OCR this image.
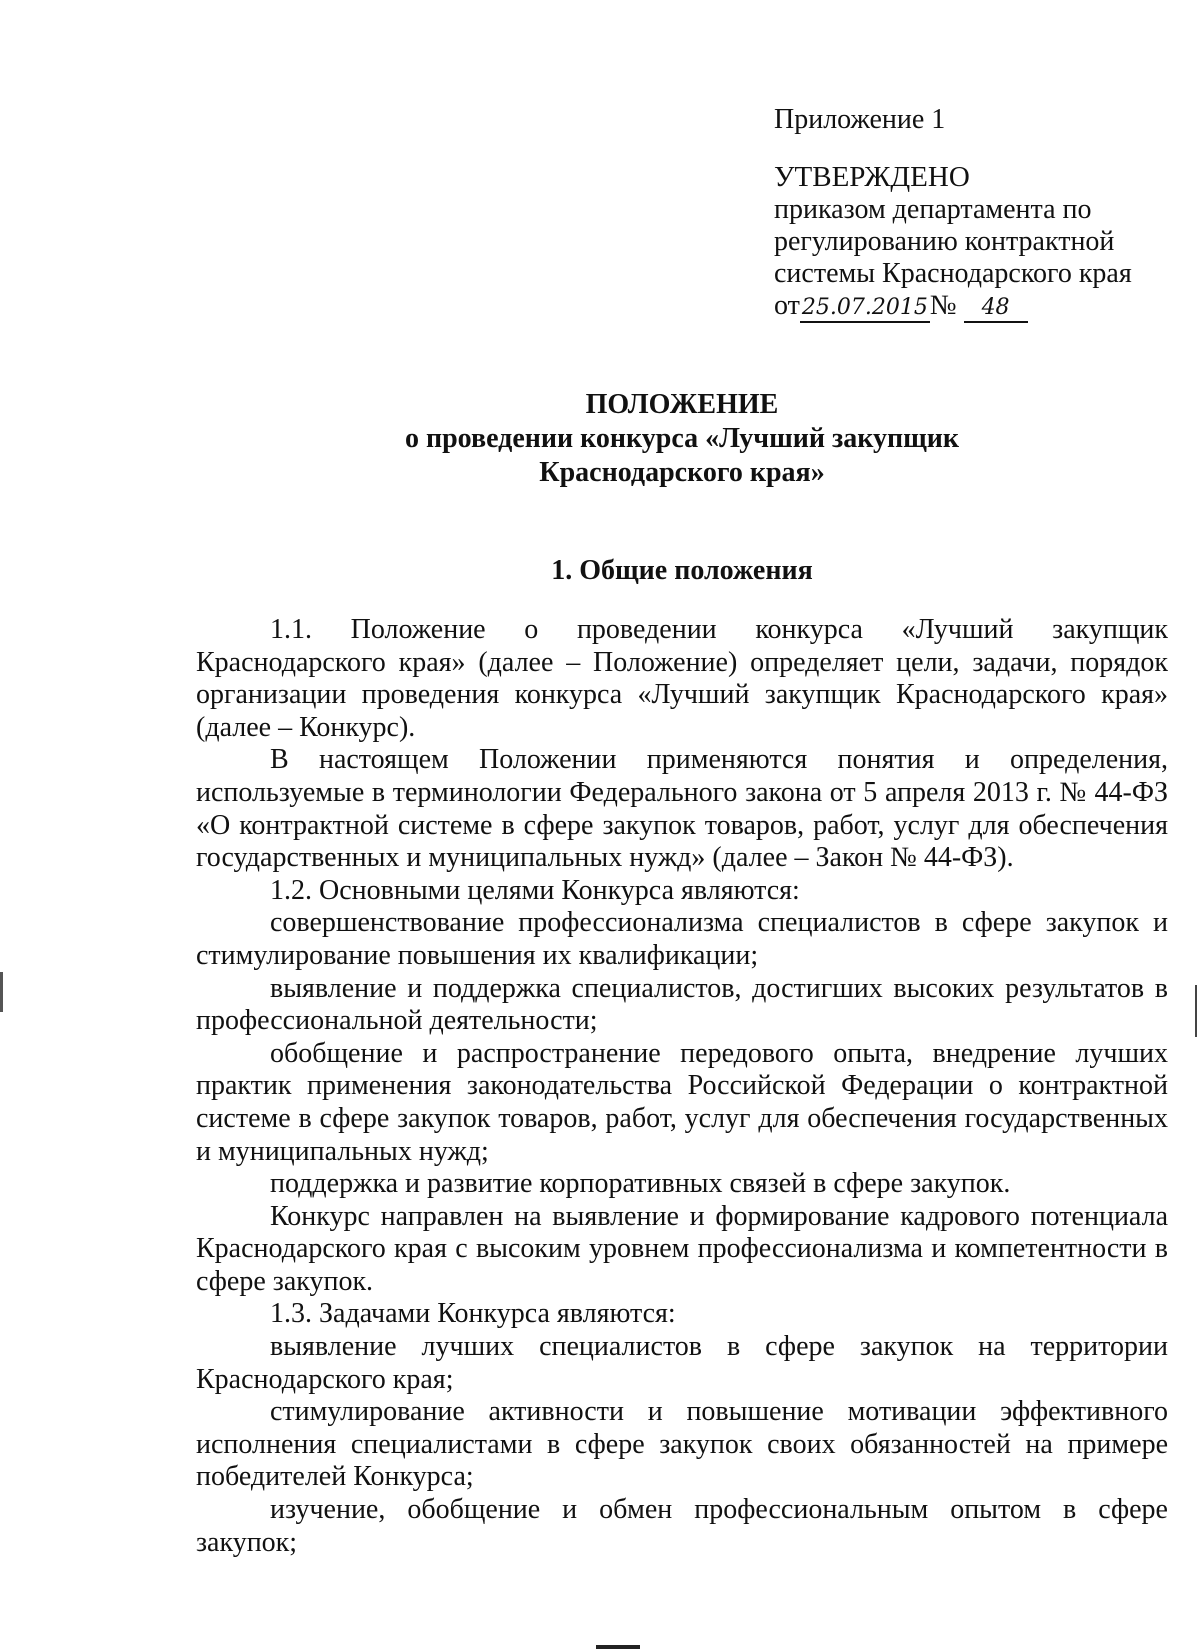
Приложение 1
УТВЕРЖДЕНО
приказом департамента по
регулированию контрактной
системы Краснодарского края
от25.07.2015№ 48
ПОЛОЖЕНИЕ
о проведении конкурса «Лучший закупщик
Краснодарского края»
1. Общие положения

1.1. Положение о проведении конкурса «Лучший закупщик Краснодарского края» (далее – Положение) определяет цели, задачи, порядок организации проведения конкурса «Лучший закупщик Краснодарского края» (далее – Конкурс).

В настоящем Положении применяются понятия и определения, используемые в терминологии Федерального закона от 5 апреля 2013 г. № 44-ФЗ «О контрактной системе в сфере закупок товаров, работ, услуг для обеспечения государственных и муниципальных нужд» (далее – Закон № 44-ФЗ).

1.2. Основными целями Конкурса являются:

совершенствование профессионализма специалистов в сфере закупок и стимулирование повышения их квалификации;

выявление и поддержка специалистов, достигших высоких результатов в профессиональной деятельности;

обобщение и распространение передового опыта, внедрение лучших практик применения законодательства Российской Федерации о контрактной системе в сфере закупок товаров, работ, услуг для обеспечения государственных и муниципальных нужд;

поддержка и развитие корпоративных связей в сфере закупок.

Конкурс направлен на выявление и формирование кадрового потенциала Краснодарского края с высоким уровнем профессионализма и компетентности в сфере закупок.

1.3. Задачами Конкурса являются:

выявление лучших специалистов в сфере закупок на территории Краснодарского края;

стимулирование активности и повышение мотивации эффективного исполнения специалистами в сфере закупок своих обязанностей на примере победителей Конкурса;

изучение, обобщение и обмен профессиональным опытом в сфере закупок;
